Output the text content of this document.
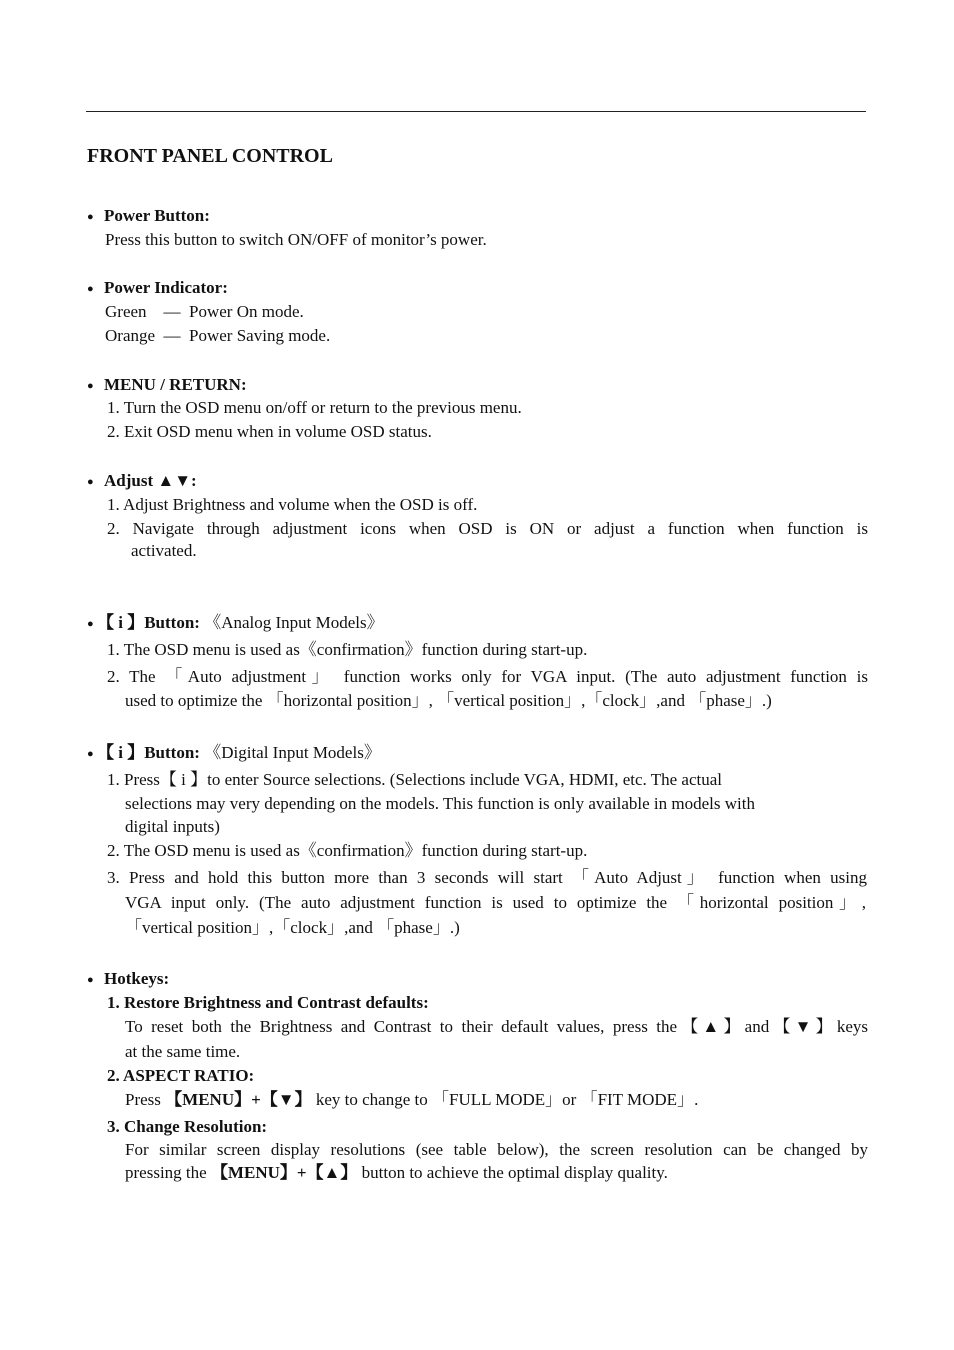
FRONT PANEL CONTROL
● Power Button:
Press this button to switch ON/OFF of monitor’s power.
● Power Indicator:
Green    —  Power On mode.
Orange  —  Power Saving mode.
● MENU / RETURN:
1. Turn the OSD menu on/off or return to the previous menu.
2. Exit OSD menu when in volume OSD status.
● Adjust ▲▼:
1. Adjust Brightness and volume when the OSD is off.
2. Navigate through adjustment icons when OSD is ON or adjust a function when function is
activated.
● 【 i 】Button: 《Analog Input Models》
1. The OSD menu is used as《confirmation》function during start-up.
2. The 「Auto adjustment」 function works only for VGA input. (The auto adjustment function is
used to optimize the 「horizontal position」, 「vertical position」,「clock」,and 「phase」.)
● 【 i 】Button: 《Digital Input Models》
1. Press【 i 】to enter Source selections. (Selections include VGA, HDMI, etc. The actual
selections may very depending on the models. This function is only available in models with
digital inputs)
2. The OSD menu is used as《confirmation》function during start-up.
3. Press and hold this button more than 3 seconds will start 「Auto Adjust」 function when using
VGA input only. (The auto adjustment function is used to optimize the 「horizontal position」,
「vertical position」,「clock」,and 「phase」.)
● Hotkeys:
1. Restore Brightness and Contrast defaults:
To reset both the Brightness and Contrast to their default values, press the【▲】and【▼】keys
at the same time.
2. ASPECT RATIO:
Press 【MENU】+【▼】 key to change to 「FULL MODE」or 「FIT MODE」.
3. Change Resolution:
For similar screen display resolutions (see table below), the screen resolution can be changed by
pressing the 【MENU】+【▲】 button to achieve the optimal display quality.
